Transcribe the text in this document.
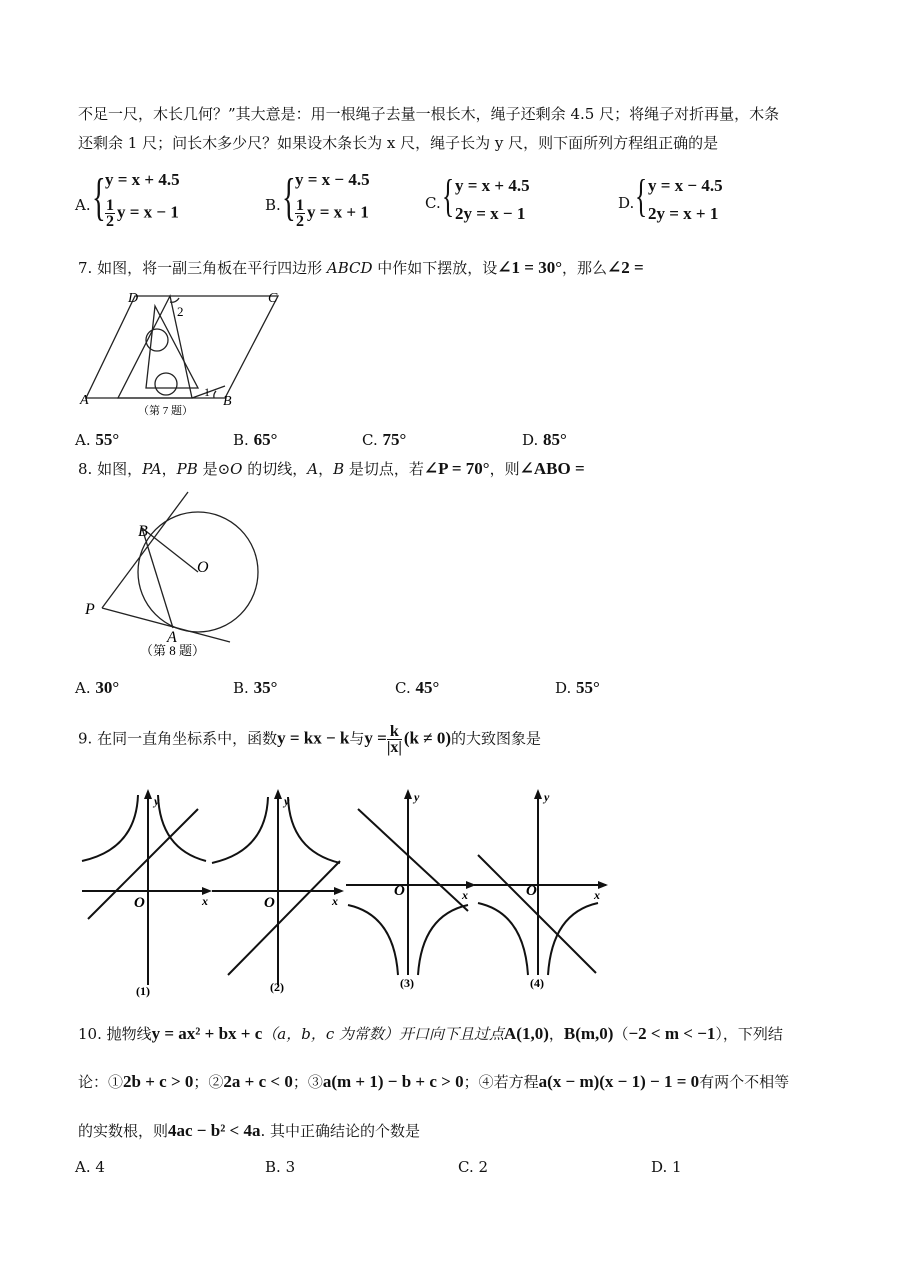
不足一尺，木长几何？”其大意是：用一根绳子去量一根长木，绳子还剩余 4.5 尺；将绳子对折再量，木条
还剩余 1 尺；问长木多少尺？如果设木条长为 x 尺，绳子长为 y 尺，则下面所列方程组正确的是
A. { y = x + 4.5
$\frac{1}{2}$ y = x − 1	B. { y = x − 4.5
$\frac{1}{2}$ y = x + 1	C. { y = x + 4.5
2y = x − 1
D. { y = x − 4.5
2y = x + 1
7. 如图，将一副三角板在平行四边形 ABCD 中作如下摆放，设∠1 = 30°，那么∠2 =
D	C
A	B
2
1
（第 7 题）
A. 55°	B. 65°	C. 75°	D. 85°
8. 如图，PA，PB 是⊙O 的切线，A，B 是切点，若∠P = 70°，则∠ABO =
B
O
P
A
（第 8 题）
A. 30°	B. 35°	C. 45°	D. 55°
9. 在同一直角坐标系中，函数y = kx − k与$y = \frac{k}{|x|} (k \ne 0)$的大致图象是
y
x
O
y
x
O
y
x
O
y
x
O
(1)	(2)	(3)	(4)
10. 抛物线y = ax² + bx + c（a，b，c 为常数）开口向下且过点A(1,0)，B(m,0)（−2 < m < −1），下列结
论：①2b + c > 0；②2a + c < 0；③a(m + 1) − b + c > 0；④若方程a(x − m)(x − 1) − 1 = 0有两个不相等
的实数根，则4ac − b² < 4a. 其中正确结论的个数是
A. 4	B. 3	C. 2	D. 1
